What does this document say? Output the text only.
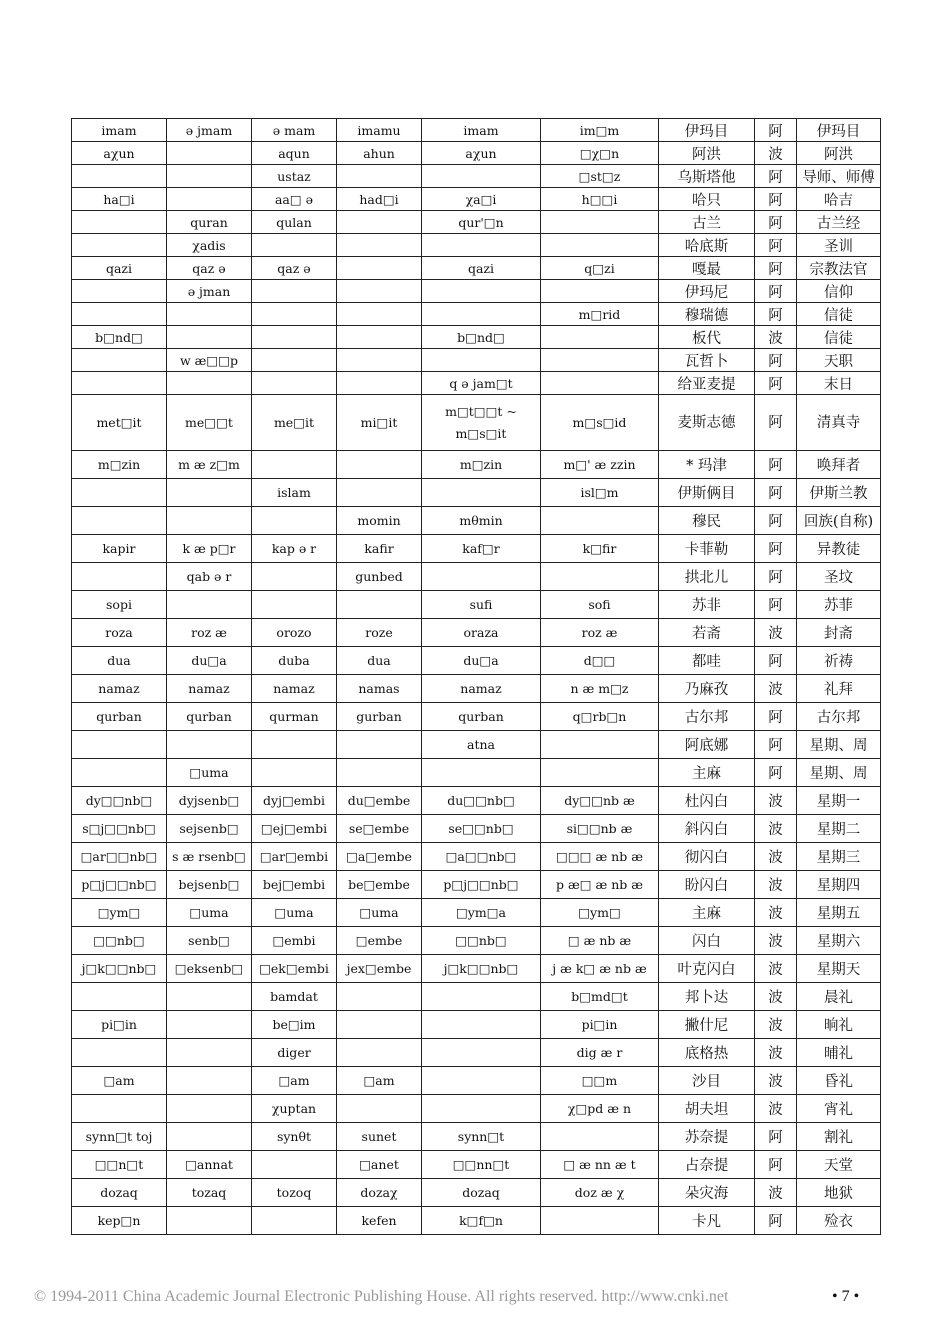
imam	ə jmam	ə mam	imamu	imam	im□m	伊玛目	阿	伊玛目
aχun		aqun	ahun	aχun	□χ□n	阿洪	波	阿洪
		ustaz			□st□z	乌斯塔他	阿	导师、师傅
ha□i		aa□ ə	had□i	χa□i	h□□i	哈只	阿	哈吉
	quran	qulan		qur'□n		古兰	阿	古兰经
	χadis					哈底斯	阿	圣训
qazi	qaz ə	qaz ə		qazi	q□zi	嘎最	阿	宗教法官
	ə jman					伊玛尼	阿	信仰
					m□rid	穆瑞德	阿	信徒
b□nd□				b□nd□		板代	波	信徒
	w æ□□p					瓦哲卜	阿	天职
				q ə jam□t		给亚麦提	阿	末日
met□it	me□□t	me□it	mi□it	m□t□□t ~ m□s□it	m□s□id	麦斯志德	阿	清真寺
m□zin	m æ z□m			m□zin	m□' æ zzin	* 玛津	阿	唤拜者
		islam			isl□m	伊斯俩目	阿	伊斯兰教
			momin	mθmin		穆民	阿	回族(自称)
kapir	k æ p□r	kap ə r	kafir	kaf□r	k□fir	卡菲勒	阿	异教徒
	qab ə r		gunbed			拱北儿	阿	圣坟
sopi				sufi	sofi	苏非	阿	苏菲
roza	roz æ	orozo	roze	oraza	roz æ	若斋	波	封斋
dua	du□a	duba	dua	du□a	d□□	都哇	阿	祈祷
namaz	namaz	namaz	namas	namaz	n æ m□z	乃麻孜	波	礼拜
qurban	qurban	qurman	gurban	qurban	q□rb□n	古尔邦	阿	古尔邦
				atna		阿底娜	阿	星期、周
	□uma					主麻	阿	星期、周
dy□□nb□	dyjsenb□	dyj□embi	du□embe	du□□nb□	dy□□nb æ	杜闪白	波	星期一
s□j□□nb□	sejsenb□	□ej□embi	se□embe	se□□nb□	si□□nb æ	斜闪白	波	星期二
□ar□□nb□	s æ rsenb□	□ar□embi	□a□embe	□a□□nb□	□□□ æ nb æ	彻闪白	波	星期三
p□j□□nb□	bejsenb□	bej□embi	be□embe	p□j□□nb□	p æ□ æ nb æ	盼闪白	波	星期四
□ym□	□uma	□uma	□uma	□ym□a	□ym□	主麻	波	星期五
□□nb□	senb□	□embi	□embe	□□nb□	□ æ nb æ	闪白	波	星期六
j□k□□nb□	□eksenb□	□ek□embi	jex□embe	j□k□□nb□	j æ k□ æ nb æ	叶克闪白	波	星期天
		bamdat			b□md□t	邦卜达	波	晨礼
pi□in		be□im			pi□in	撇什尼	波	晌礼
		diger			dig æ r	底格热	波	晡礼
□am		□am	□am		□□m	沙目	波	昏礼
		χuptan			χ□pd æ n	胡夫坦	波	宵礼
synn□t toj		synθt	sunet	synn□t		苏奈提	阿	割礼
□□n□t	□annat		□anet	□□nn□t	□ æ nn æ t	占奈提	阿	天堂
dozaq	tozaq	tozoq	dozaχ	dozaq	doz æ χ	朵灾海	波	地狱
kep□n			kefen	k□f□n		卡凡	阿	殓衣
© 1994-2011 China Academic Journal Electronic Publishing House. All rights reserved. http://www.cnki.net	• 7 •
